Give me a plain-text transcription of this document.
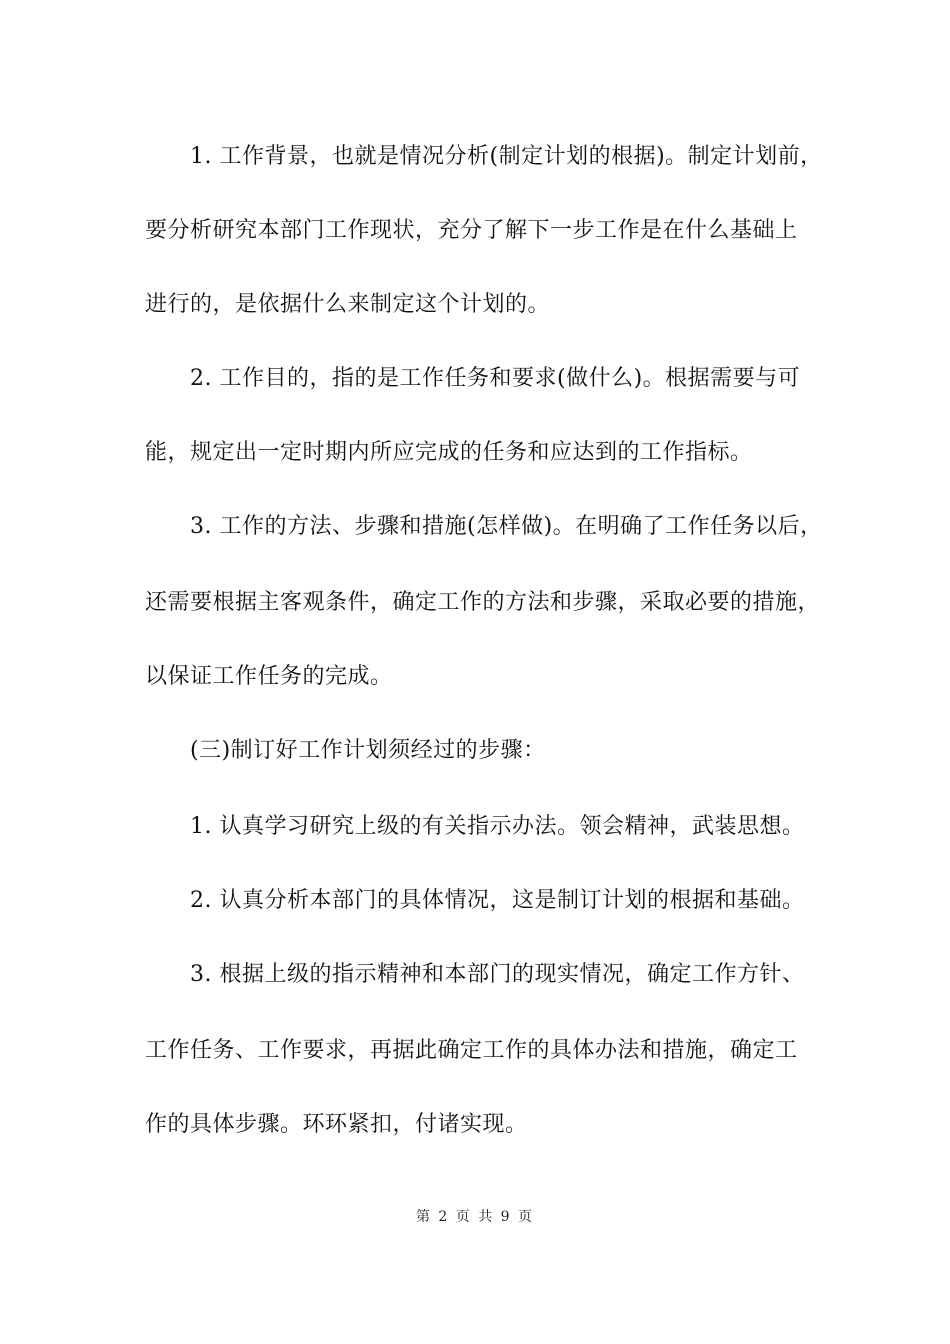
1. 工作背景，也就是情况分析(制定计划的根据)。制定计划前，
要分析研究本部门工作现状，充分了解下一步工作是在什么基础上
进行的，是依据什么来制定这个计划的。
2. 工作目的，指的是工作任务和要求(做什么)。根据需要与可
能，规定出一定时期内所应完成的任务和应达到的工作指标。
3. 工作的方法、步骤和措施(怎样做)。在明确了工作任务以后，
还需要根据主客观条件，确定工作的方法和步骤，采取必要的措施，
以保证工作任务的完成。
(三)制订好工作计划须经过的步骤：
1. 认真学习研究上级的有关指示办法。领会精神，武装思想。
2. 认真分析本部门的具体情况，这是制订计划的根据和基础。
3. 根据上级的指示精神和本部门的现实情况，确定工作方针、
工作任务、工作要求，再据此确定工作的具体办法和措施，确定工
作的具体步骤。环环紧扣，付诸实现。
第 2 页 共 9 页
